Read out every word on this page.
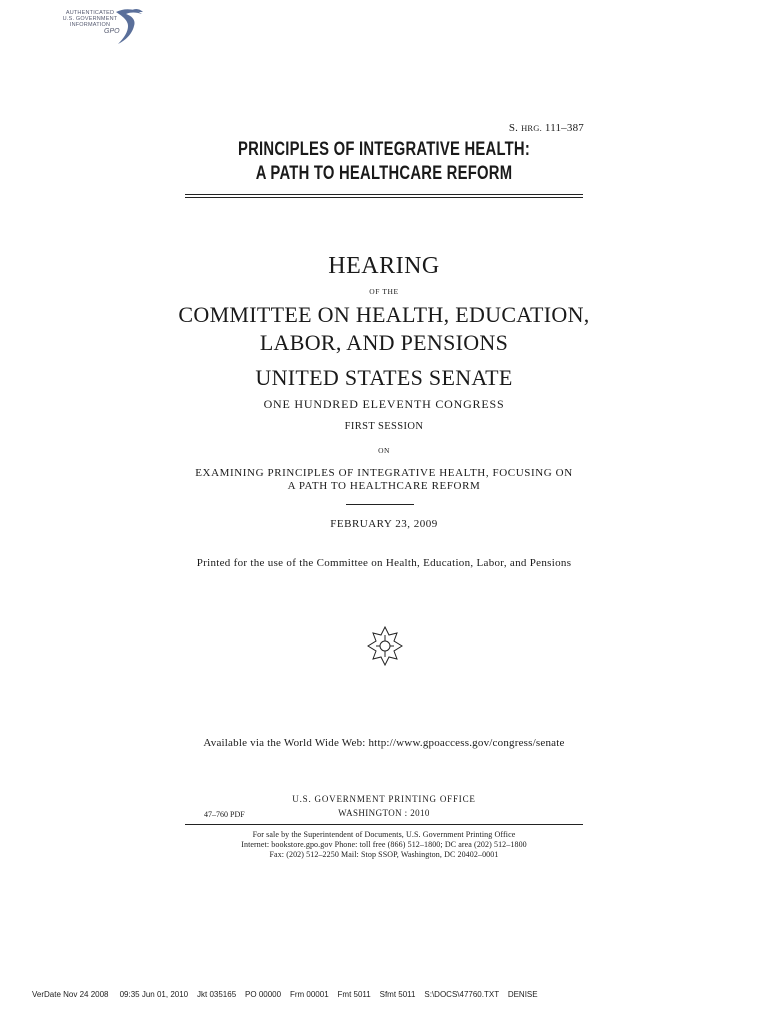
AUTHENTICATED
U.S. GOVERNMENT
INFORMATION
GPO
S. HRG. 111–387
PRINCIPLES OF INTEGRATIVE HEALTH:
A PATH TO HEALTHCARE REFORM
HEARING
OF THE
COMMITTEE ON HEALTH, EDUCATION,
LABOR, AND PENSIONS
UNITED STATES SENATE
ONE HUNDRED ELEVENTH CONGRESS
FIRST SESSION
ON
EXAMINING PRINCIPLES OF INTEGRATIVE HEALTH, FOCUSING ON
A PATH TO HEALTHCARE REFORM
FEBRUARY 23, 2009
Printed for the use of the Committee on Health, Education, Labor, and Pensions
Available via the World Wide Web: http://www.gpoaccess.gov/congress/senate
U.S. GOVERNMENT PRINTING OFFICE
47–760 PDF	WASHINGTON : 2010
For sale by the Superintendent of Documents, U.S. Government Printing Office
Internet: bookstore.gpo.gov Phone: toll free (866) 512–1800; DC area (202) 512–1800
Fax: (202) 512–2250 Mail: Stop SSOP, Washington, DC 20402–0001
VerDate Nov 24 2008     09:35 Jun 01, 2010    Jkt 035165    PO 00000    Frm 00001    Fmt 5011    Sfmt 5011    S:\DOCS\47760.TXT    DENISE
